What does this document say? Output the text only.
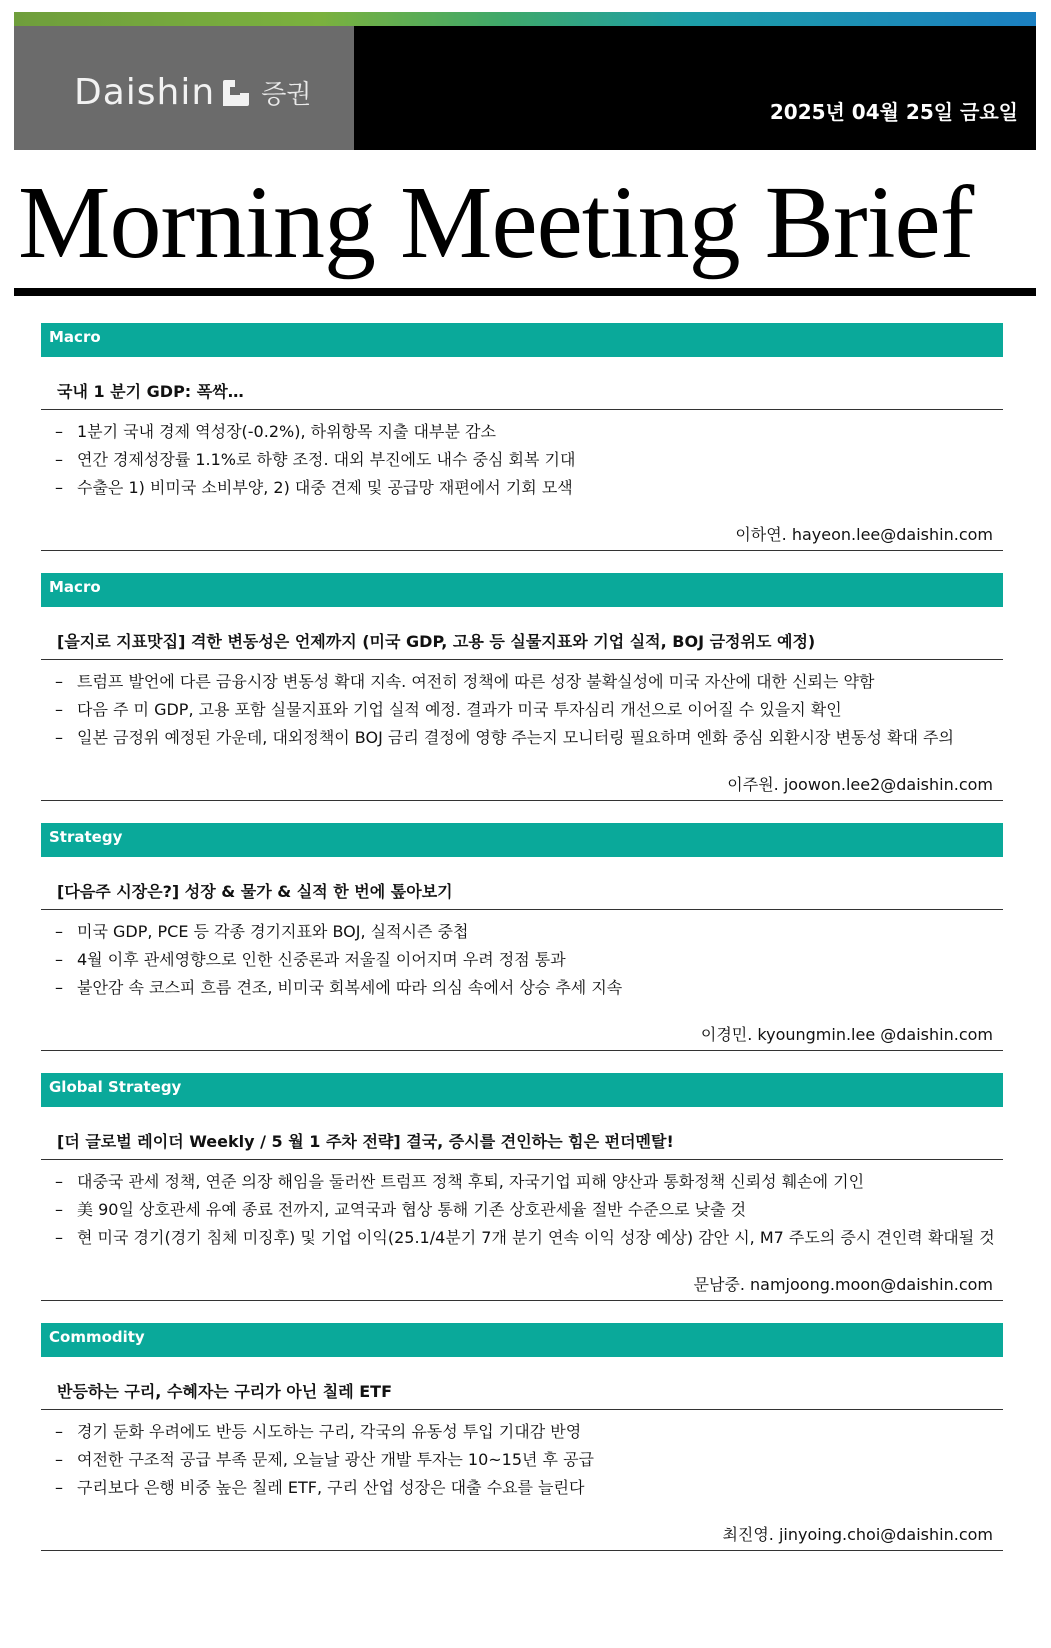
Daishin 증권
2025년 04월 25일 금요일
Morning Meeting Brief
Macro
국내 1 분기 GDP: 폭싹…
– 1분기 국내 경제 역성장(-0.2%), 하위항목 지출 대부분 감소
– 연간 경제성장률 1.1%로 하향 조정. 대외 부진에도 내수 중심 회복 기대
– 수출은 1) 비미국 소비부양, 2) 대중 견제 및 공급망 재편에서 기회 모색
이하연. hayeon.lee@daishin.com
Macro
[을지로 지표맛집] 격한 변동성은 언제까지 (미국 GDP, 고용 등 실물지표와 기업 실적, BOJ 금정위도 예정)
– 트럼프 발언에 다른 금융시장 변동성 확대 지속. 여전히 정책에 따른 성장 불확실성에 미국 자산에 대한 신뢰는 약함
– 다음 주 미 GDP, 고용 포함 실물지표와 기업 실적 예정. 결과가 미국 투자심리 개선으로 이어질 수 있을지 확인
– 일본 금정위 예정된 가운데, 대외정책이 BOJ 금리 결정에 영향 주는지 모니터링 필요하며 엔화 중심 외환시장 변동성 확대 주의
이주원. joowon.lee2@daishin.com
Strategy
[다음주 시장은?] 성장 & 물가 & 실적 한 번에 톺아보기
– 미국 GDP, PCE 등 각종 경기지표와 BOJ, 실적시즌 중첩
– 4월 이후 관세영향으로 인한 신중론과 저울질 이어지며 우려 정점 통과
– 불안감 속 코스피 흐름 견조, 비미국 회복세에 따라 의심 속에서 상승 추세 지속
이경민. kyoungmin.lee @daishin.com
Global Strategy
[더 글로벌 레이더 Weekly / 5 월 1 주차 전략] 결국, 증시를 견인하는 힘은 펀더멘탈!
– 대중국 관세 정책, 연준 의장 해임을 둘러싼 트럼프 정책 후퇴, 자국기업 피해 양산과 통화정책 신뢰성 훼손에 기인
– 美 90일 상호관세 유예 종료 전까지, 교역국과 협상 통해 기존 상호관세율 절반 수준으로 낮출 것
– 현 미국 경기(경기 침체 미징후) 및 기업 이익(25.1/4분기 7개 분기 연속 이익 성장 예상) 감안 시, M7 주도의 증시 견인력 확대될 것
문남중. namjoong.moon@daishin.com
Commodity
반등하는 구리, 수혜자는 구리가 아닌 칠레 ETF
– 경기 둔화 우려에도 반등 시도하는 구리, 각국의 유동성 투입 기대감 반영
– 여전한 구조적 공급 부족 문제, 오늘날 광산 개발 투자는 10~15년 후 공급
– 구리보다 은행 비중 높은 칠레 ETF, 구리 산업 성장은 대출 수요를 늘린다
최진영. jinyoing.choi@daishin.com
